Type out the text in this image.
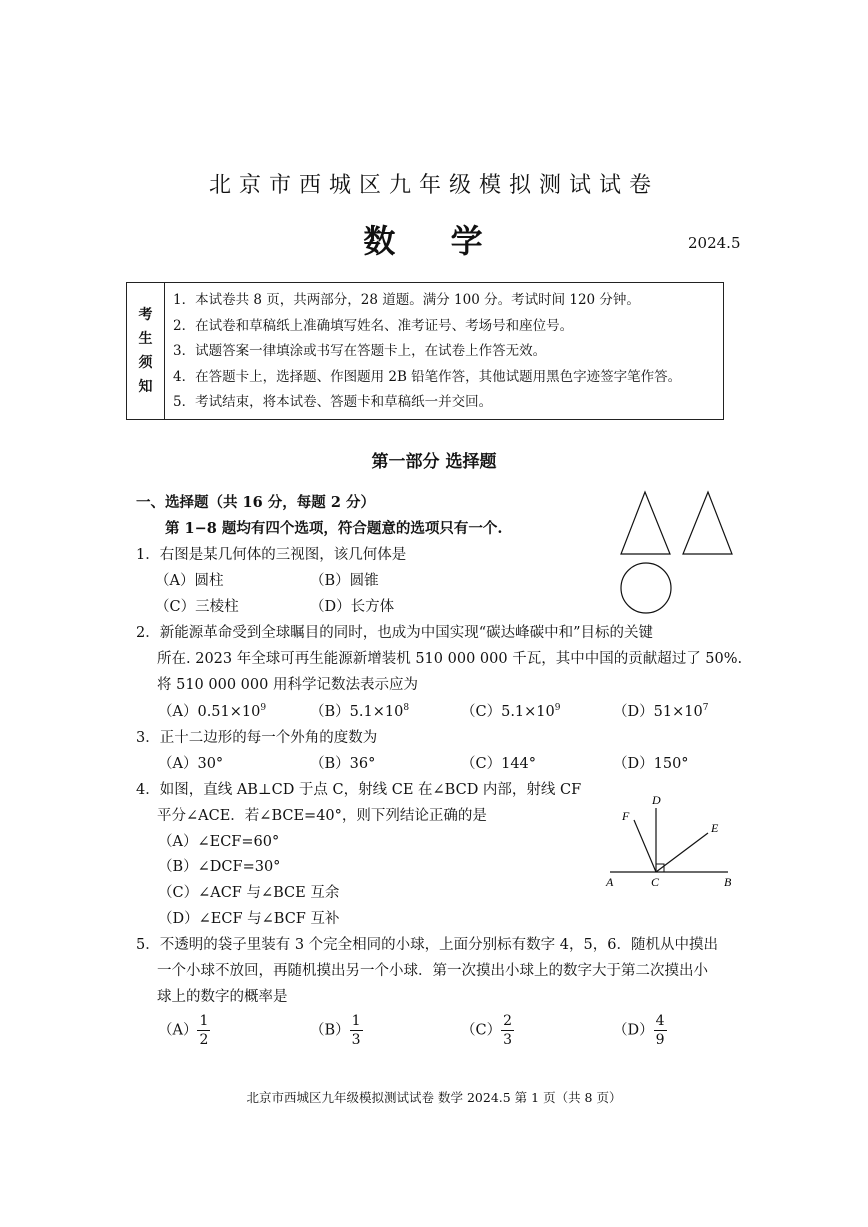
北京市西城区九年级模拟测试试卷
数 学	2024.5
考
生
须
知
1．本试卷共 8 页，共两部分，28 道题。满分 100 分。考试时间 120 分钟。
2．在试卷和草稿纸上准确填写姓名、准考证号、考场号和座位号。
3．试题答案一律填涂或书写在答题卡上，在试卷上作答无效。
4．在答题卡上，选择题、作图题用 2B 铅笔作答，其他试题用黑色字迹签字笔作答。
5．考试结束，将本试卷、答题卡和草稿纸一并交回。
第一部分 选择题
一、选择题（共 16 分，每题 2 分）
第 1−8 题均有四个选项，符合题意的选项只有一个.
1．右图是某几何体的三视图，该几何体是
（A）圆柱	（B）圆锥
（C）三棱柱	（D）长方体
2．新能源革命受到全球瞩目的同时，也成为中国实现“碳达峰碳中和”目标的关键
所在. 2023 年全球可再生能源新增装机 510 000 000 千瓦，其中中国的贡献超过了 50%.
将 510 000 000 用科学记数法表示应为
$(A)0.51\times 10^9$	$(B)5.1\times 10^8$	$(C)5.1\times 10^9$	$(D)51\times 10^7$
3．正十二边形的每一个外角的度数为
（A）30°	（B）36°	（C）144°	（D）150°
4．如图，直线 AB⊥CD 于点 C，射线 CE 在∠BCD 内部，射线 CF
平分∠ACE．若∠BCE=40°，则下列结论正确的是
（A）∠ECF=60°
（B）∠DCF=30°
（C）∠ACF 与∠BCE 互余
（D）∠ECF 与∠BCF 互补
A	C	B
D
E
F
5．不透明的袋子里装有 3 个完全相同的小球，上面分别标有数字 4，5，6．随机从中摸出
一个小球不放回，再随机摸出另一个小球．第一次摸出小球上的数字大于第二次摸出小
球上的数字的概率是
$(A) \frac{1}{2}$	$(B) \frac{1}{3}$	$(C) \frac{2}{3}$	$(D) \frac{4}{9}$
北京市西城区九年级模拟测试试卷 数学 2024.5 第 1 页（共 8 页）
